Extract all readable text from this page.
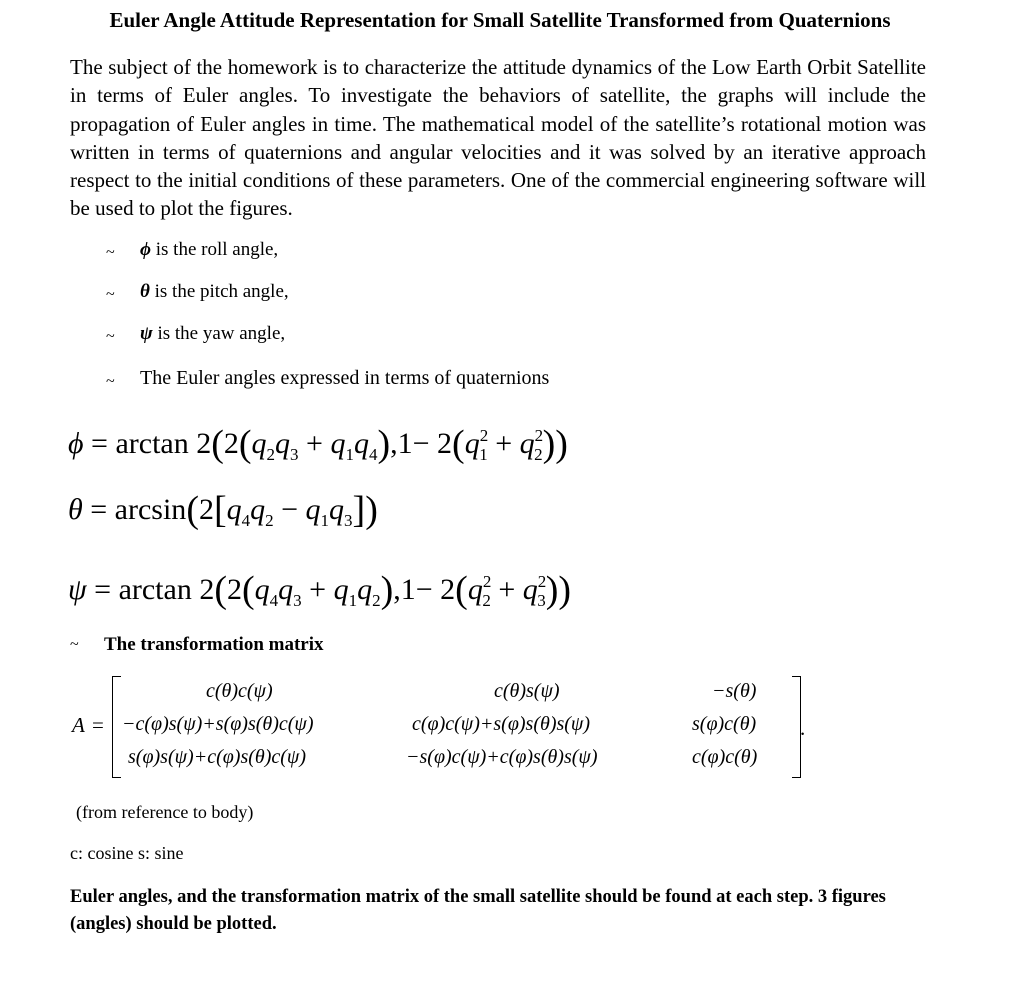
Euler Angle Attitude Representation for Small Satellite Transformed from Quaternions
The subject of the homework is to characterize the attitude dynamics of the Low Earth Orbit Satellite in terms of Euler angles. To investigate the behaviors of satellite, the graphs will include the propagation of Euler angles in time. The mathematical model of the satellite’s rotational motion was written in terms of quaternions and angular velocities and it was solved by an iterative approach respect to the initial conditions of these parameters. One of the commercial engineering software will be used to plot the figures.
~ ϕ is the roll angle,
~ θ is the pitch angle,
~ ψ is the yaw angle,
~ The Euler angles expressed in terms of quaternions
$\phi = \arctan 2(2(q_2q_3 + q_1q_4),1- 2(q^2_1 + q^2_2))$
$\theta = \arcsin(2[q_4q_2 - q_1q_3])$
$\psi = \arctan 2(2(q_4q_3 + q_1q_2),1- 2(q^2_2 + q^2_3))$
~ The transformation matrix
A =
c(θ)c(ψ)	c(θ)s(ψ)	−s(θ)
−c(φ)s(ψ)+s(φ)s(θ)c(ψ)	c(φ)c(ψ)+s(φ)s(θ)s(ψ)	s(φ)c(θ)
s(φ)s(ψ)+c(φ)s(θ)c(ψ)	−s(φ)c(ψ)+c(φ)s(θ)s(ψ)	c(φ)c(θ)
.
(from reference to body)
c: cosine s: sine
Euler angles, and the transformation matrix of the small satellite should be found at each step. 3 figures (angles) should be plotted.
